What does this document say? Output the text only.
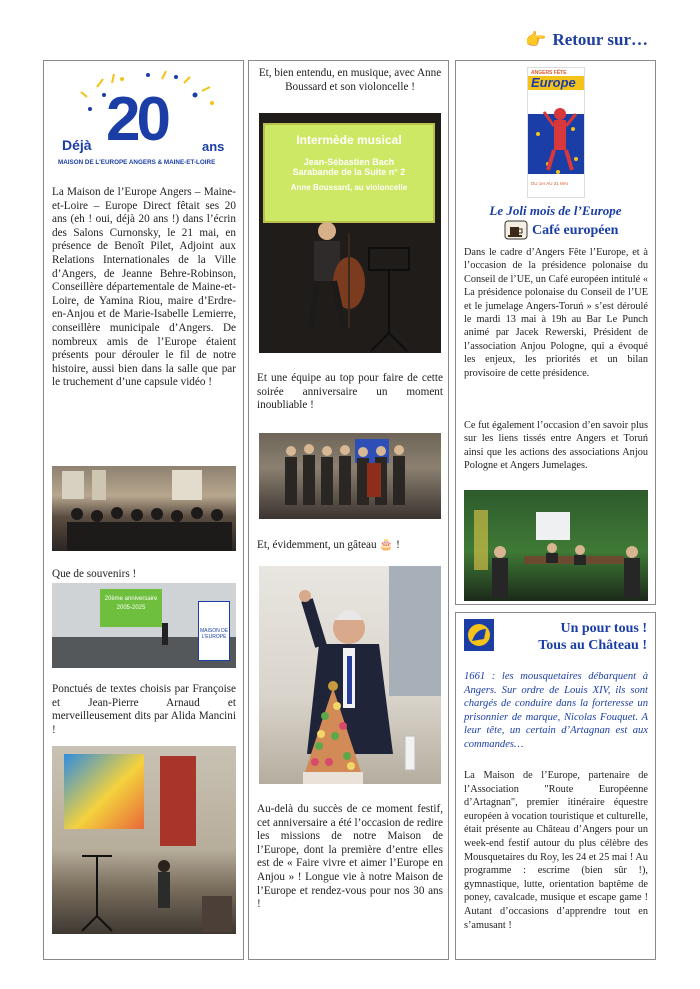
👉 Retour sur…
Déjà 20	ans
MAISON DE L'EUROPE ANGERS & MAINE-ET-LOIRE
La Maison de l’Europe Angers – Maine-et-Loire – Europe Direct fêtait ses 20 ans (eh ! oui, déjà 20 ans !) dans l’écrin des Salons Curnonsky, le 21 mai, en présence de Benoît Pilet, Adjoint aux Relations Internationales de la Ville d’Angers, de Jeanne Behre-Robinson, Conseillère départementale de Maine-et-Loire, de Yamina Riou, maire d’Erdre-en-Anjou et de Marie-Isabelle Lemierre, conseillère municipale d’Angers. De nombreux amis de l’Europe étaient présents pour dérouler le fil de notre histoire, aussi bien dans la salle que par le truchement d’une capsule vidéo !
Que de souvenirs !
20ème anniversaire
2005-2025
MAISON DE L'EUROPE
Ponctués de textes choisis par Françoise et Jean-Pierre Arnaud et merveilleusement dits par Alida Mancini !
Et, bien entendu, en musique, avec Anne Boussard et son violoncelle !
Intermède musical
Jean-Sébastien Bach
Sarabande de la Suite n° 2
Anne Boussard, au violoncelle
Et une équipe au top pour faire de cette soirée anniversaire un moment inoubliable !
Et, évidemment, un gâteau 🎂 !
Au-delà du succès de ce moment festif, cet anniversaire a été l’occasion de redire les missions de notre Maison de l’Europe, dont la première d’entre elles est de « Faire vivre et aimer l’Europe en Anjou » ! Longue vie à notre Maison de l’Europe et rendez-vous pour nos 30 ans !
ANGERS FÊTE
Europe
DU 1er AU 31 MAI
Le Joli mois de l’Europe
Café européen
Dans le cadre d’Angers Fête l’Europe, et à l’occasion de la présidence polonaise du Conseil de l’UE, un Café européen intitulé « La présidence polonaise du Conseil de l’UE et le jumelage Angers-Toruń » s’est déroulé le mardi 13 mai à 19h au Bar Le Punch animé par Jacek Rewerski, Président de l’association Anjou Pologne, qui a évoqué les enjeux, les priorités et un bilan provisoire de cette présidence.
Ce fut également l’occasion d’en savoir plus sur les liens tissés entre Angers et Toruń ainsi que les actions des associations Anjou Pologne et Angers Jumelages.
Un pour tous !
Tous au Château !
1661 : les mousquetaires débarquent à Angers. Sur ordre de Louis XIV, ils sont chargés de conduire dans la forteresse un prisonnier de marque, Nicolas Fouquet. A leur tête, un certain d’Artagnan est aux commandes…
La Maison de l’Europe, partenaire de l’Association "Route Européenne d’Artagnan", premier itinéraire équestre européen à vocation touristique et culturelle, était présente au Château d’Angers pour un week-end festif autour du plus célèbre des Mousquetaires du Roy, les 24 et 25 mai ! Au programme : escrime (bien sûr !), gymnastique, lutte, orientation baptême de poney, cavalcade, musique et escape game ! Autant d’occasions d’apprendre tout en s’amusant !
